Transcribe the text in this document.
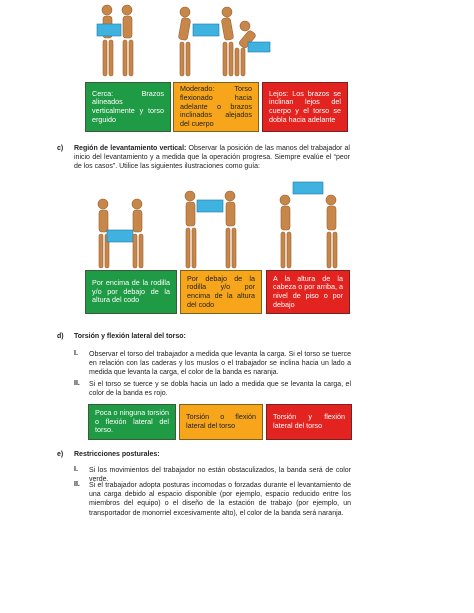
Cerca: Brazos alineados verticalmente y torso erguido
Moderado: Torso flexionado hacia adelante o brazos inclinados alejados del cuerpo
Lejos: Los brazos se inclinan lejos del cuerpo y el torso se dobla hacia adelante
c) Región de levantamiento vertical: Observar la posición de las manos del trabajador al inicio del levantamiento y a medida que la operación progresa. Siempre evalúe el “peor de los casos”. Utilice las siguientes ilustraciones como guía:
Por encima de la rodilla y/o por debajo de la altura del codo
Por debajo de la rodilla y/o por encima de la altura del codo
A la altura de la cabeza o por arriba, a nivel de piso o por debajo
d) Torsión y flexión lateral del torso:
I. Observar el torso del trabajador a medida que levanta la carga. Si el torso se tuerce en relación con las caderas y los muslos o el trabajador se inclina hacia un lado a medida que levanta la carga, el color de la banda es naranja.
II. Si el torso se tuerce y se dobla hacia un lado a medida que se levanta la carga, el color de la banda es rojo.
Poca o ninguna torsión o flexión lateral del torso.
Torsión o flexión lateral del torso
Torsión y flexión lateral del torso
e) Restricciones posturales:
I. Si los movimientos del trabajador no están obstaculizados, la banda será de color verde.
II. Si el trabajador adopta posturas incomodas o forzadas durante el levantamiento de una carga debido al espacio disponible (por ejemplo, espacio reducido entre los miembros del equipo) o el diseño de la estación de trabajo (por ejemplo, un transportador de monorriel excesivamente alto), el color de la banda será naranja.
